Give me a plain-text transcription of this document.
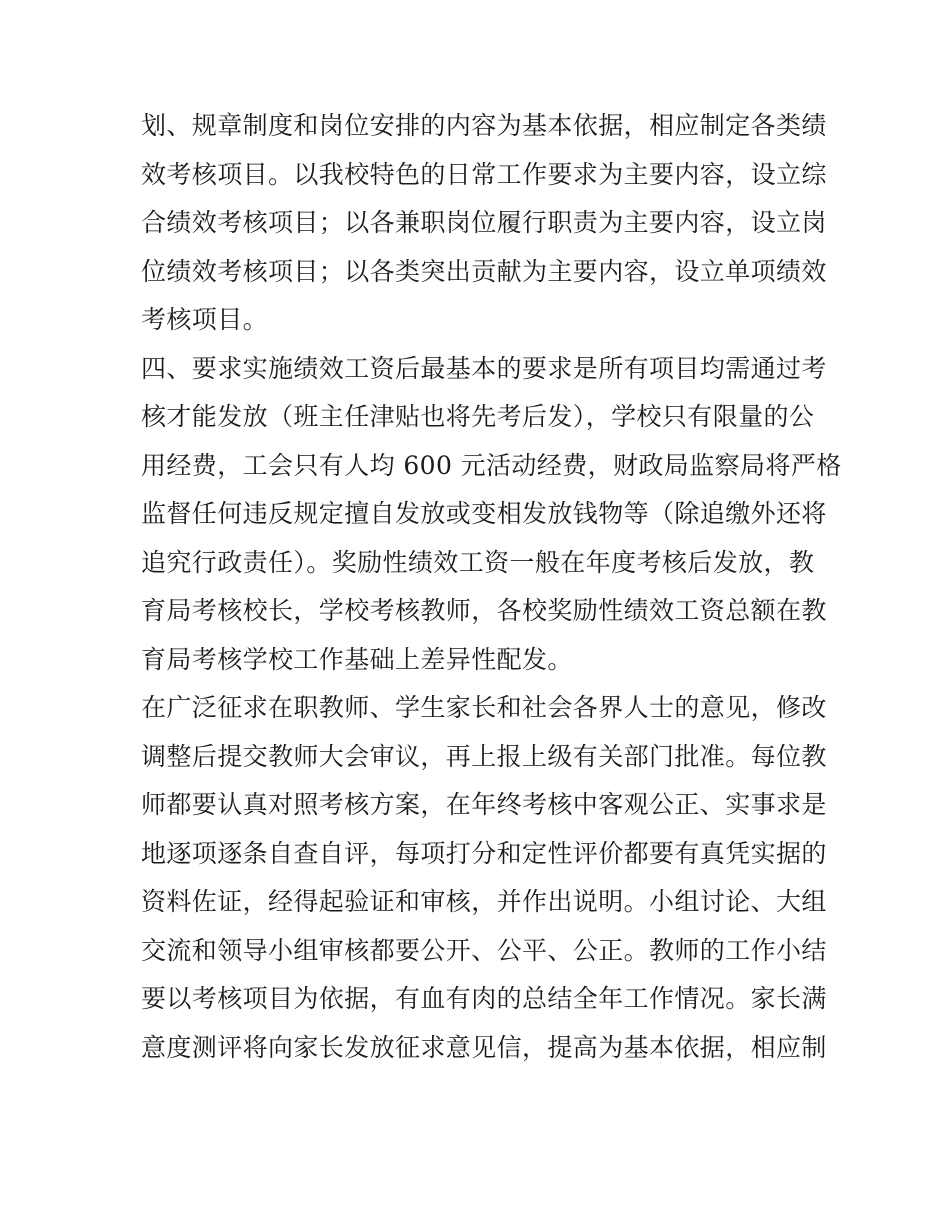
划、规章制度和岗位安排的内容为基本依据，相应制定各类绩
效考核项目。以我校特色的日常工作要求为主要内容，设立综
合绩效考核项目；以各兼职岗位履行职责为主要内容，设立岗
位绩效考核项目；以各类突出贡献为主要内容，设立单项绩效
考核项目。
四、要求实施绩效工资后最基本的要求是所有项目均需通过考
核才能发放（班主任津贴也将先考后发），学校只有限量的公
用经费，工会只有人均 600 元活动经费，财政局监察局将严格
监督任何违反规定擅自发放或变相发放钱物等（除追缴外还将
追究行政责任）。奖励性绩效工资一般在年度考核后发放，教
育局考核校长，学校考核教师，各校奖励性绩效工资总额在教
育局考核学校工作基础上差异性配发。
在广泛征求在职教师、学生家长和社会各界人士的意见，修改
调整后提交教师大会审议，再上报上级有关部门批准。每位教
师都要认真对照考核方案，在年终考核中客观公正、实事求是
地逐项逐条自查自评，每项打分和定性评价都要有真凭实据的
资料佐证，经得起验证和审核，并作出说明。小组讨论、大组
交流和领导小组审核都要公开、公平、公正。教师的工作小结
要以考核项目为依据，有血有肉的总结全年工作情况。家长满
意度测评将向家长发放征求意见信，提高为基本依据，相应制
